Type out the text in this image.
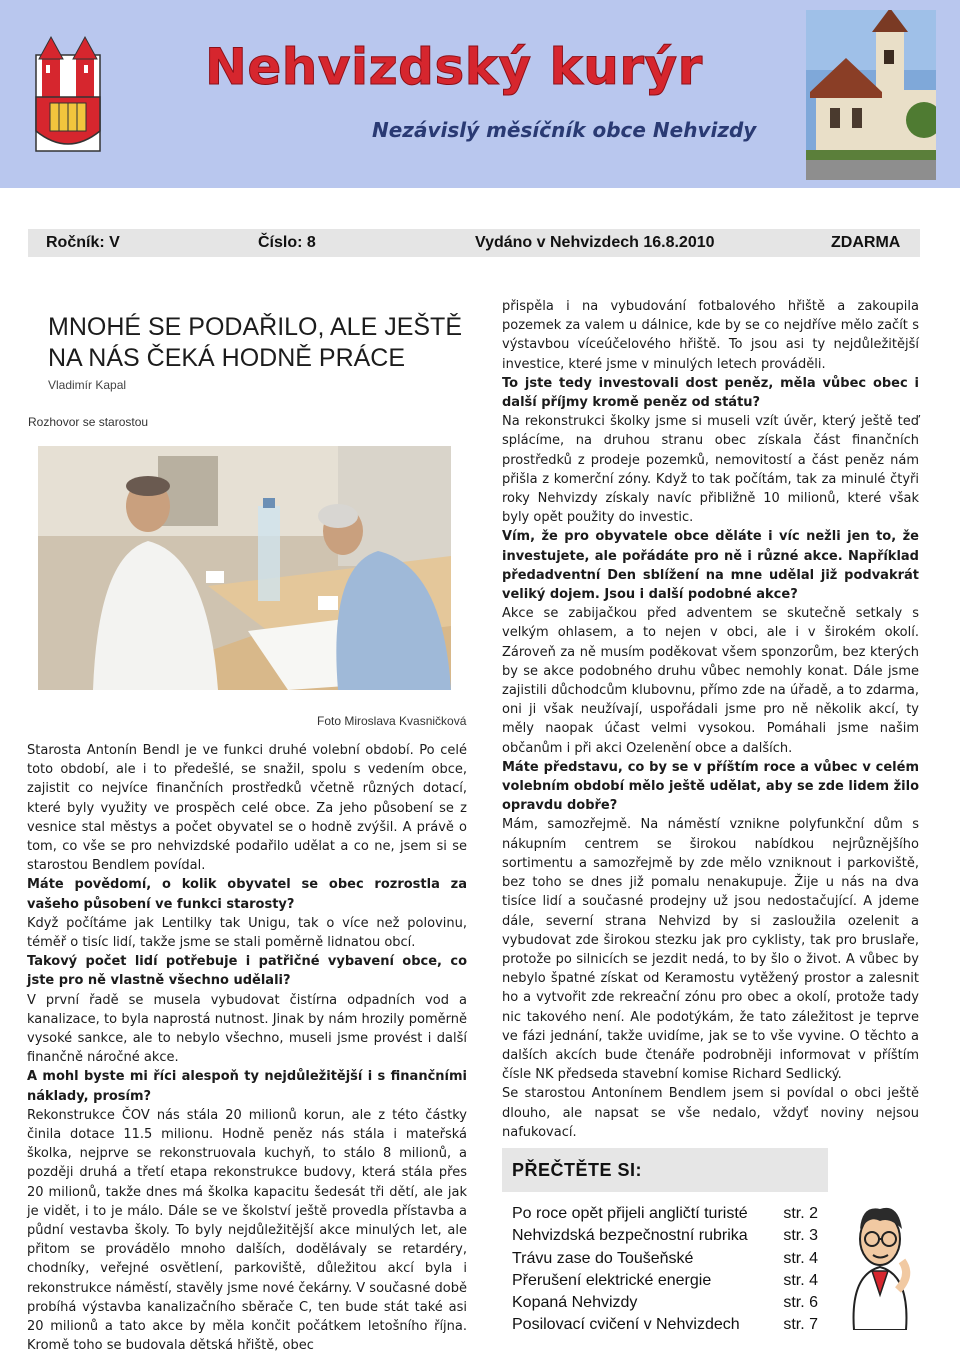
Nehvizdský kurýr
Nezávislý měsíčník obce Nehvizdy
Ročník: V	Číslo: 8	Vydáno v Nehvizdech 16.8.2010	ZDARMA
MNOHÉ SE PODAŘILO, ALE JEŠTĚ
NA NÁS ČEKÁ HODNĚ PRÁCE
Vladimír Kapal
Rozhovor se starostou
Foto Miroslava Kvasničková

Starosta Antonín Bendl je ve funkci druhé volební období. Po celé toto období, ale i to předešlé, se snažil, spolu s vedením obce, zajistit co nejvíce finančních prostředků včetně různých dotací, které byly využity ve prospěch celé obce. Za jeho působení se z vesnice stal městys a počet obyvatel se o hodně zvýšil. A právě o tom, co vše se pro nehvizdské podařilo udělat a co ne, jsem si se starostou Bendlem povídal.

Máte povědomí, o kolik obyvatel se obec rozrostla za vašeho působení ve funkci starosty?

Když počítáme jak Lentilky tak Unigu, tak o více než polovinu, téměř o tisíc lidí, takže jsme se stali poměrně lidnatou obcí.

Takový počet lidí potřebuje i patřičné vybavení obce, co jste pro ně vlastně všechno udělali?

V první řadě se musela vybudovat čistírna odpadních vod a kanalizace, to byla naprostá nutnost. Jinak by nám hrozily poměrně vysoké sankce, ale to nebylo všechno, museli jsme provést i další finančně náročné akce.

A mohl byste mi říci alespoň ty nejdůležitější i s finančními náklady, prosím?

Rekonstrukce ČOV nás stála 20 milionů korun, ale z této částky činila dotace 11.5 milionu. Hodně peněz nás stála i mateřská školka, nejprve se rekonstruovala kuchyň, to stálo 8 milionů, a později druhá a třetí etapa rekonstrukce budovy, která stála přes 20 milionů, takže dnes má školka kapacitu šedesát tři dětí, ale jak je vidět, i to je málo. Dále se ve školství ještě provedla přístavba a půdní vestavba školy. To byly nejdůležitější akce minulých let, ale přitom se provádělo mnoho dalších, dodělávaly se retardéry, chodníky, veřejné osvětlení, parkoviště, důležitou akcí byla i rekonstrukce náměstí, stavěly jsme nové čekárny. V současné době probíhá výstavba kanalizačního sběrače C, ten bude stát také asi 20 milionů a tato akce by měla končit počátkem letošního října. Kromě toho se budovala dětská hřiště, obec

přispěla i na vybudování fotbalového hřiště a zakoupila pozemek za valem u dálnice, kde by se co nejdříve mělo začít s výstavbou víceúčelového hřiště. To jsou asi ty nejdůležitější investice, které jsme v minulých letech prováděli.

To jste tedy investovali dost peněz, měla vůbec obec i další příjmy kromě peněz od státu?

Na rekonstrukci školky jsme si museli vzít úvěr, který ještě teď splácíme, na druhou stranu obec získala část finančních prostředků z prodeje pozemků, nemovitostí a část peněz nám přišla z komerční zóny. Když to tak počítám, tak za minulé čtyři roky Nehvizdy získaly navíc přibližně 10 milionů, které však byly opět použity do investic.

Vím, že pro obyvatele obce děláte i víc nežli jen to, že investujete, ale pořádáte pro ně i různé akce. Například předadventní Den sblížení na mne udělal již podvakrát veliký dojem. Jsou i další podobné akce?

Akce se zabijačkou před adventem se skutečně setkaly s velkým ohlasem, a to nejen v obci, ale i v širokém okolí. Zároveň za ně musím poděkovat všem sponzorům, bez kterých by se akce podobného druhu vůbec nemohly konat. Dále jsme zajistili důchodcům klubovnu, přímo zde na úřadě, a to zdarma, oni ji však neužívají, uspořádali jsme pro ně několik akcí, ty měly naopak účast velmi vysokou. Pomáhali jsme našim občanům i při akci Ozelenění obce a dalších.

Máte představu, co by se v příštím roce a vůbec v celém volebním období mělo ještě udělat, aby se zde lidem žilo opravdu dobře?

Mám, samozřejmě. Na náměstí vznikne polyfunkční dům s nákupním centrem se širokou nabídkou nejrůznějšího sortimentu a samozřejmě by zde mělo vzniknout i parkoviště, bez toho se dnes již pomalu nenakupuje. Žije u nás na dva tisíce lidí a současné prodejny už jsou nedostačující. A jdeme dále, severní strana Nehvizd by si zasloužila ozelenit a vybudovat zde širokou stezku jak pro cyklisty, tak pro bruslaře, protože po silnicích se jezdit nedá, to by šlo o život. A vůbec by nebylo špatné získat od Keramostu vytěžený prostor a zalesnit ho a vytvořit zde rekreační zónu pro obec a okolí, protože tady nic takového není. Ale podotýkám, že tato záležitost je teprve ve fázi jednání, takže uvidíme, jak se to vše vyvine. O těchto a dalších akcích bude čtenáře podrobněji informovat v příštím čísle NK předseda stavební komise Richard Sedlický.

Se starostou Antonínem Bendlem jsem si povídal o obci ještě dlouho, ale napsat se vše nedalo, vždyť noviny nejsou nafukovací.

PŘEČTĚTE SI:
Po roce opět přijeli angličtí turisté str. 2
Nehvizdská bezpečnostní rubrika str. 3
Trávu zase do Toušeňské	str. 4
Přerušení elektrické energie	str. 4
Kopaná Nehvizdy	str. 6
Posilovací cvičení v Nehvizdech	str. 7
